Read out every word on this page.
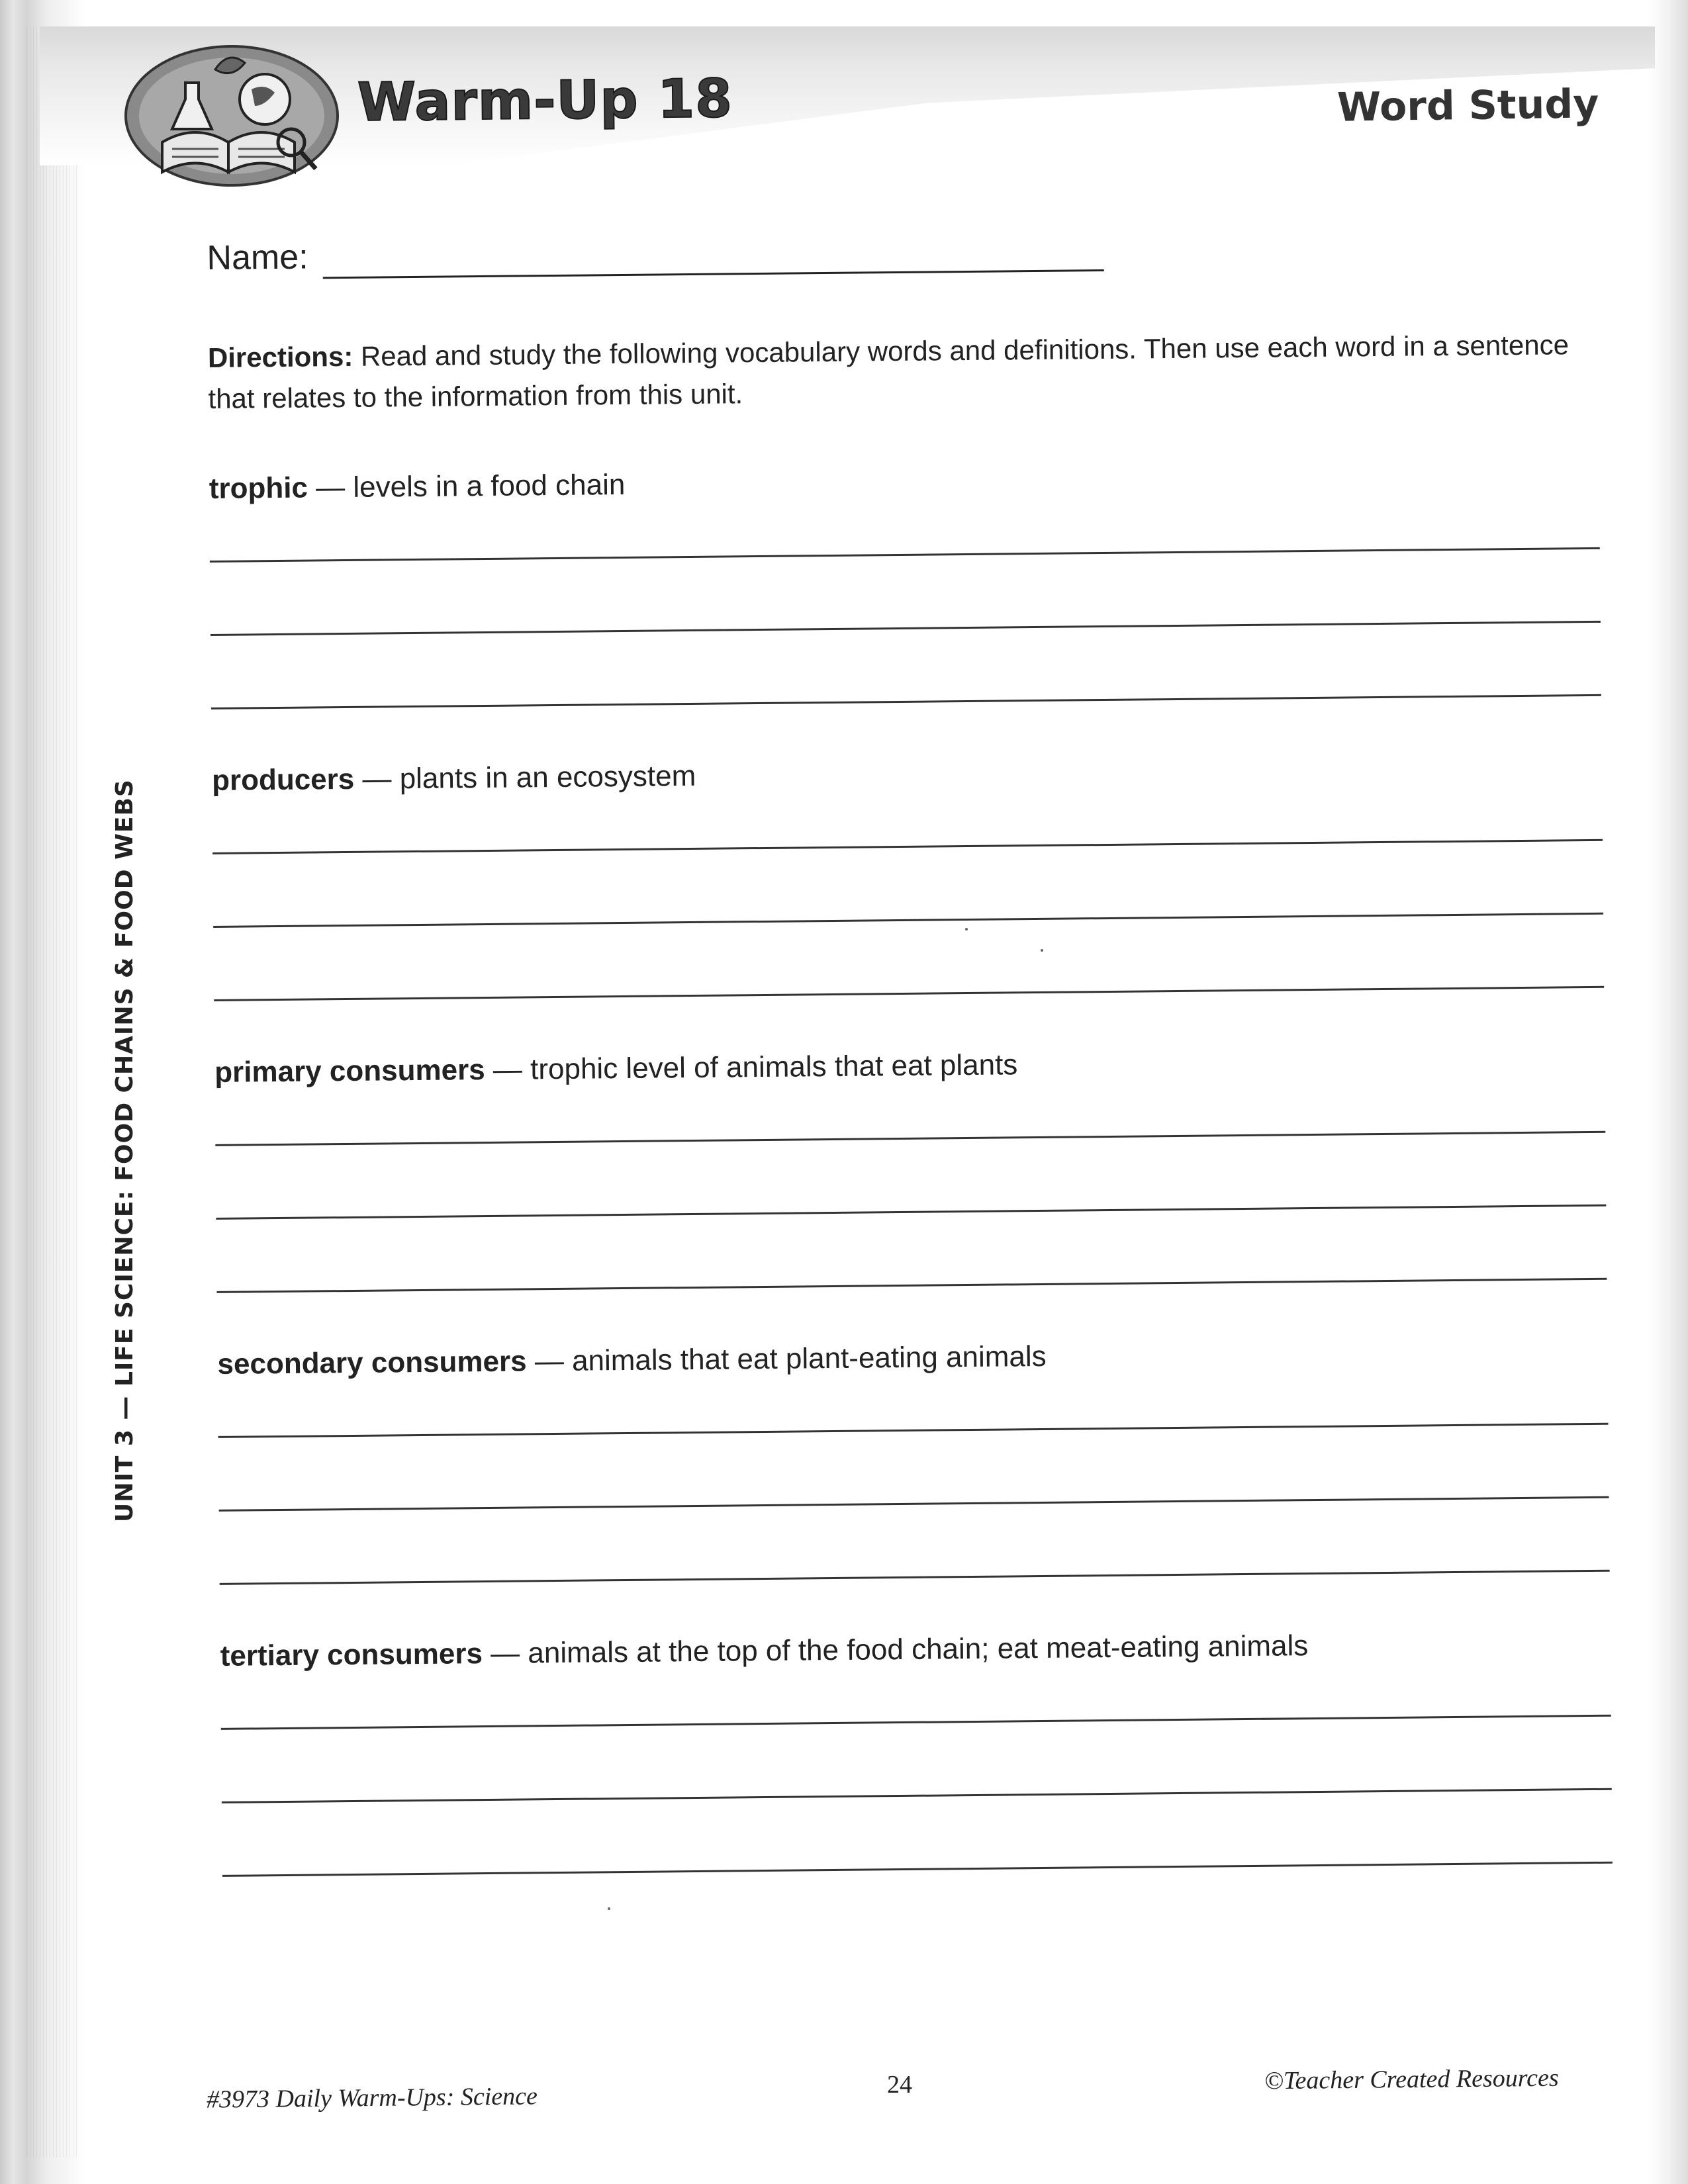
Warm-Up 18	Word Study
Name:
Directions: Read and study the following vocabulary words and definitions. Then use each word in a sentence that relates to the information from this unit.
trophic — levels in a food chain
producers — plants in an ecosystem
primary consumers — trophic level of animals that eat plants
secondary consumers — animals that eat plant-eating animals
tertiary consumers — animals at the top of the food chain; eat meat-eating animals
UNIT 3 — LIFE SCIENCE: FOOD CHAINS & FOOD WEBS
#3973 Daily Warm-Ups: Science	24	©Teacher Created Resources
